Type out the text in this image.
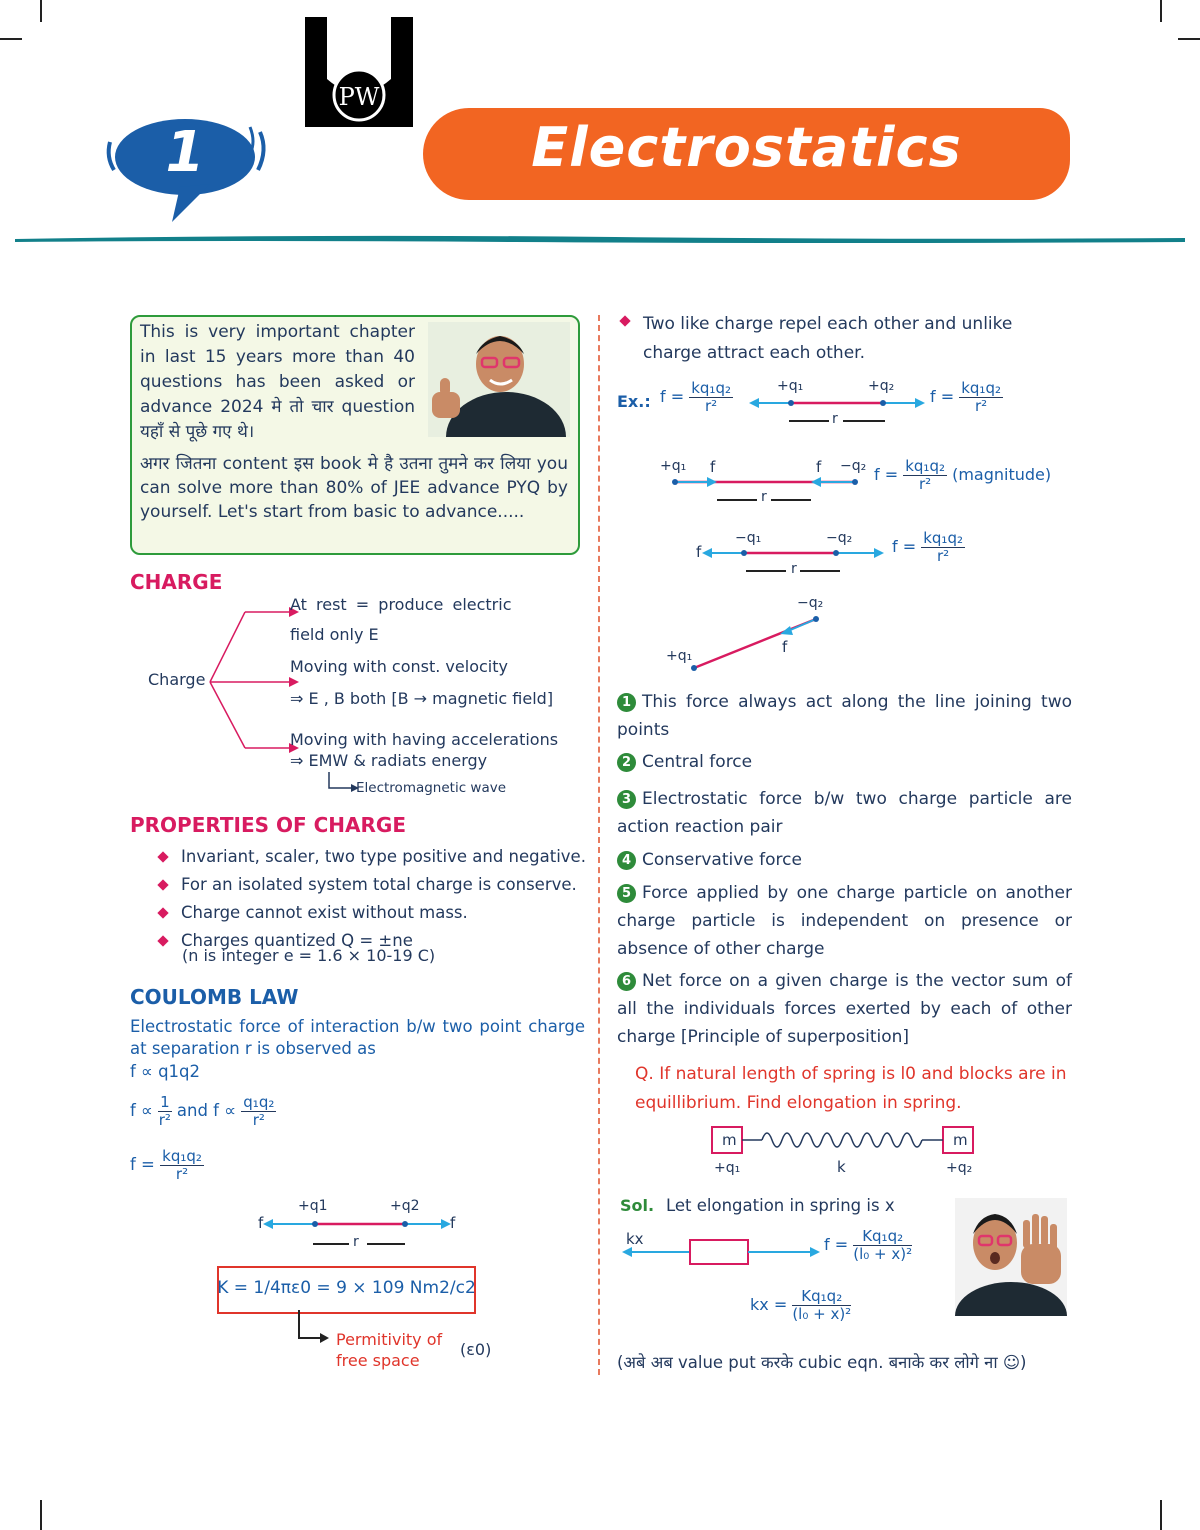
PW
1	Electrostatics
This is very important chapter in last 15 years more than 40 questions has been asked or advance 2024 मे तो चार question यहाँ से पूछे गए थे।
अगर जितना content इस book मे है उतना तुमने कर लिया you can solve more than 80% of JEE advance PYQ by yourself. Let's start from basic to advance.....
CHARGE
Charge
At rest = produce electric
field only E
Moving with const. velocity
⇒ E , B both [B → magnetic field]
Moving with having accelerations
⇒ EMW & radiats energy
Electromagnetic wave
PROPERTIES OF CHARGE
Invariant, scaler, two type positive and negative.
For an isolated system total charge is conserve.
Charge cannot exist without mass.
Charges quantized Q = ±ne
(n is integer e = 1.6 × 10-19 C)
COULOMB LAW
Electrostatic force of interaction b/w two point charge at separation r is observed as
f ∝ q1q2
$f \propto \frac{1}{\text{r²}}$ and $f \propto \frac{\text{q₁q₂}}{\text{r²}}$
$f = \frac{\text{kq₁q₂}}{\text{r²}}$
+q1	+q2
f	f
r
K = 1/4πε0 = 9 × 109 Nm2/c2
Permitivity of free space
(ε0)
Two like charge repel each other and unlike charge attract each other.
Ex.: $f = \frac{\text{kq₁q₂}}{\text{r²}}$	$f = \frac{\text{kq₁q₂}}{\text{r²}}$
+q₁	+q₂
r
+q₁ f	f −q₂
r
$f = \frac{\text{kq₁q₂}}{\text{r²}}$ (magnitude)
f
−q₁	−q₂
r
$f = \frac{\text{kq₁q₂}}{\text{r²}}$
−q₂
f
+q₁
1 This force always act along the line joining two points
2 Central force
3 Electrostatic force b/w two charge particle are action reaction pair
4 Conservative force
5 Force applied by one charge particle on another charge particle is independent on presence or absence of other charge
6 Net force on a given charge is the vector sum of all the individuals forces exerted by each of other charge [Principle of superposition]
Q. If natural length of spring is l0 and blocks are in equillibrium. Find elongation in spring.
m	m
+q₁	k	+q₂
Sol. Let elongation in spring is x
kx	$f = \frac{\text{Kq₁q₂}}{\text{(l₀ + x)²}}$
kx = $\frac{\text{Kq₁q₂}}{\text{(l₀ + x)²}}$
(अबे अब value put करके cubic eqn. बनाके कर लोगे ना ☺)
